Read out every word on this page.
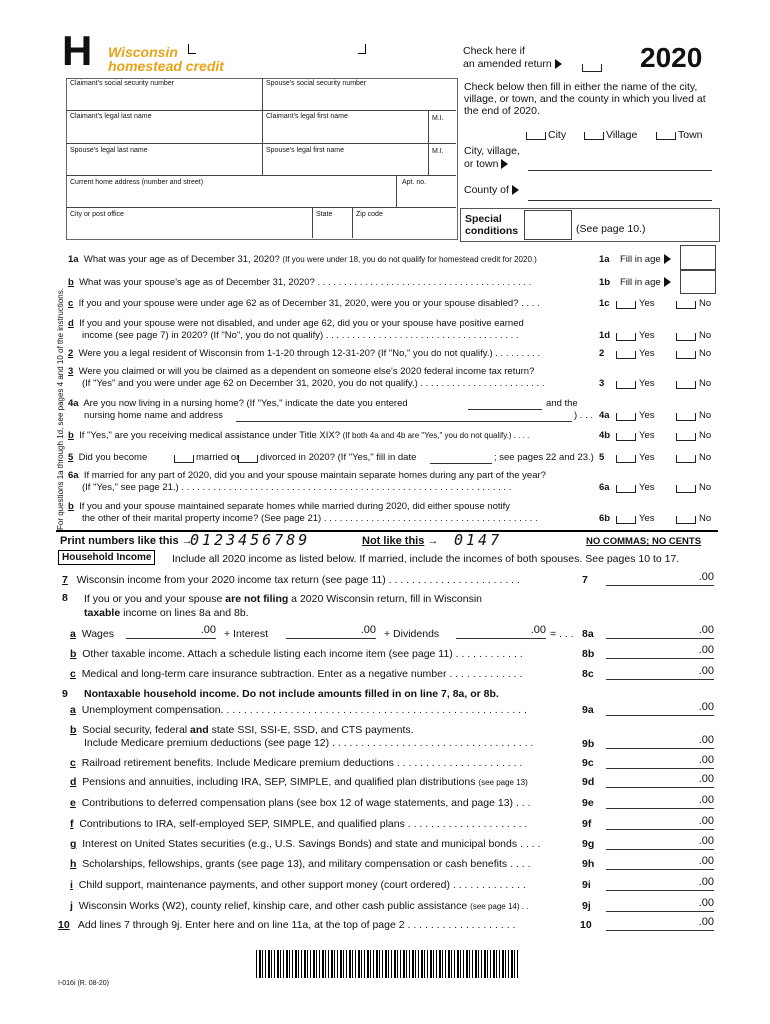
H Wisconsin
homestead credit
Check here if
an amended return	2020
For questions 1a through 1d, see pages 4 and 10 of the instructions.
Claimant's social security number	Spouse's social security number
Claimant's legal last name	Claimant's legal first name	M.I.
Spouse's legal last name	Spouse's legal first name	M.I.
Current home address (number and street)	Apt. no.
City or post office	State	Zip code
Check below then fill in either the name of the city, village, or town, and the county in which you lived at the end of 2020.
City	Village	Town
City, village,
or town
County of
Special
conditions	(See page 10.)
1a What was your age as of December 31, 2020? (If you were under 18, you do not qualify for homestead credit for 2020.)	1a Fill in age
b What was your spouse's age as of December 31, 2020? . . . . . . . . . . . . . . . . . . . . . . . . . . . . . . . . . . . . . . . . .	1b Fill in age
c If you and your spouse were under age 62 as of December 31, 2020, were you or your spouse disabled? . . . .	1c	Yes	No
d If you and your spouse were not disabled, and under age 62, did you or your spouse have positive earned
income (see page 7) in 2020? (If "No", you do not qualify) . . . . . . . . . . . . . . . . . . . . . . . . . . . . . . . . . . . . .	1d	Yes	No
2 Were you a legal resident of Wisconsin from 1-1-20 through 12-31-20? (If "No," you do not qualify.) . . . . . . . . .	2	Yes	No
3 Were you claimed or will you be claimed as a dependent on someone else's 2020 federal income tax return?
(If "Yes" and you were under age 62 on December 31, 2020, you do not qualify.) . . . . . . . . . . . . . . . . . . . . . . . .	3	Yes	No
4a Are you now living in a nursing home? (If "Yes," indicate the date you entered	and the
nursing home name and address	) . . . 4a	Yes	No
b If "Yes," are you receiving medical assistance under Title XIX? (If both 4a and 4b are "Yes," you do not qualify.) . . . .	4b	Yes	No
5 Did you become	married or divorced in 2020? (If "Yes," fill in date	; see pages 22 and 23.) 5	Yes	No
6a If married for any part of 2020, did you and your spouse maintain separate homes during any part of the year?
(If "Yes," see page 21.) . . . . . . . . . . . . . . . . . . . . . . . . . . . . . . . . . . . . . . . . . . . . . . . . . . . . . . . . . . . . . . .	6a	Yes	No
b If you and your spouse maintained separate homes while married during 2020, did either spouse notify
the other of their marital property income? (See page 21) . . . . . . . . . . . . . . . . . . . . . . . . . . . . . . . . . . . . . . . . .	6b	Yes	No
Print numbers like this →
0123456789	Not like this → 0147	NO COMMAS; NO CENTS
Household Income	Include all 2020 income as listed below. If married, include the incomes of both spouses. See pages 10 to 17.
7 Wisconsin income from your 2020 income tax return (see page 11) . . . . . . . . . . . . . . . . . . . . . . .	7	.00
8 If you or you and your spouse are not filing a 2020 Wisconsin return, fill in Wisconsin
taxable income on lines 8a and 8b.
a Wages	.00 + Interest	.00 + Dividends	.00 = . . . 8a	.00
b Other taxable income. Attach a schedule listing each income item (see page 11) . . . . . . . . . . . .	8b	.00
c Medical and long-term care insurance subtraction. Enter as a negative number . . . . . . . . . . . . .	8c	.00
9 Nontaxable household income. Do not include amounts filled in on line 7, 8a, or 8b.
a Unemployment compensation. . . . . . . . . . . . . . . . . . . . . . . . . . . . . . . . . . . . . . . . . . . . . . . . . . . . .	9a	.00
b Social security, federal and state SSI, SSI-E, SSD, and CTS payments.
Include Medicare premium deductions (see page 12) . . . . . . . . . . . . . . . . . . . . . . . . . . . . . . . . . . .	9b	.00
c Railroad retirement benefits. Include Medicare premium deductions . . . . . . . . . . . . . . . . . . . . . .	9c	.00
d Pensions and annuities, including IRA, SEP, SIMPLE, and qualified plan distributions (see page 13)	9d	.00
e Contributions to deferred compensation plans (see box 12 of wage statements, and page 13) . . .	9e	.00
f Contributions to IRA, self-employed SEP, SIMPLE, and qualified plans . . . . . . . . . . . . . . . . . . . . .	9f	.00
g Interest on United States securities (e.g., U.S. Savings Bonds) and state and municipal bonds . . . .	9g	.00
h Scholarships, fellowships, grants (see page 13), and military compensation or cash benefits . . . .	9h	.00
i Child support, maintenance payments, and other support money (court ordered) . . . . . . . . . . . . .	9i	.00
j Wisconsin Works (W2), county relief, kinship care, and other cash public assistance (see page 14) . .	9j	.00
10 Add lines 7 through 9j. Enter here and on line 11a, at the top of page 2 . . . . . . . . . . . . . . . . . . .	10	.00
I-016i (R. 08-20)
